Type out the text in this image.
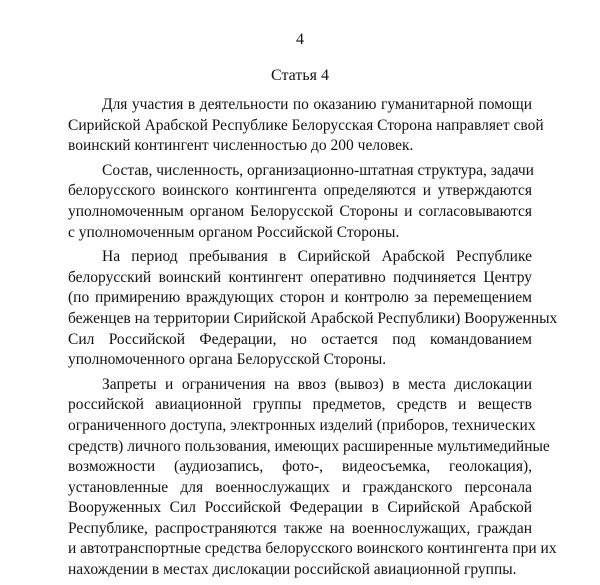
4
Статья 4

Для участия в деятельности по оказанию гуманитарной помощи
Сирийской Арабской Республике Белорусская Сторона направляет свой
воинский контингент численностью до 200 человек.

Состав, численность, организационно-штатная структура, задачи
белорусского воинского контингента определяются и утверждаются
уполномоченным органом Белорусской Стороны и согласовываются
с уполномоченным органом Российской Стороны.

На период пребывания в Сирийской Арабской Республике
белорусский воинский контингент оперативно подчиняется Центру
(по примирению враждующих сторон и контролю за перемещением
беженцев на территории Сирийской Арабской Республики) Вооруженных
Сил Российской Федерации, но остается под командованием
уполномоченного органа Белорусской Стороны.

Запреты и ограничения на ввоз (вывоз) в места дислокации
российской авиационной группы предметов, средств и веществ
ограниченного доступа, электронных изделий (приборов, технических
средств) личного пользования, имеющих расширенные мультимедийные
возможности (аудиозапись, фото-, видеосъемка, геолокация),
установленные для военнослужащих и гражданского персонала
Вооруженных Сил Российской Федерации в Сирийской Арабской
Республике, распространяются также на военнослужащих, граждан
и автотранспортные средства белорусского воинского контингента при их
нахождении в местах дислокации российской авиационной группы.
